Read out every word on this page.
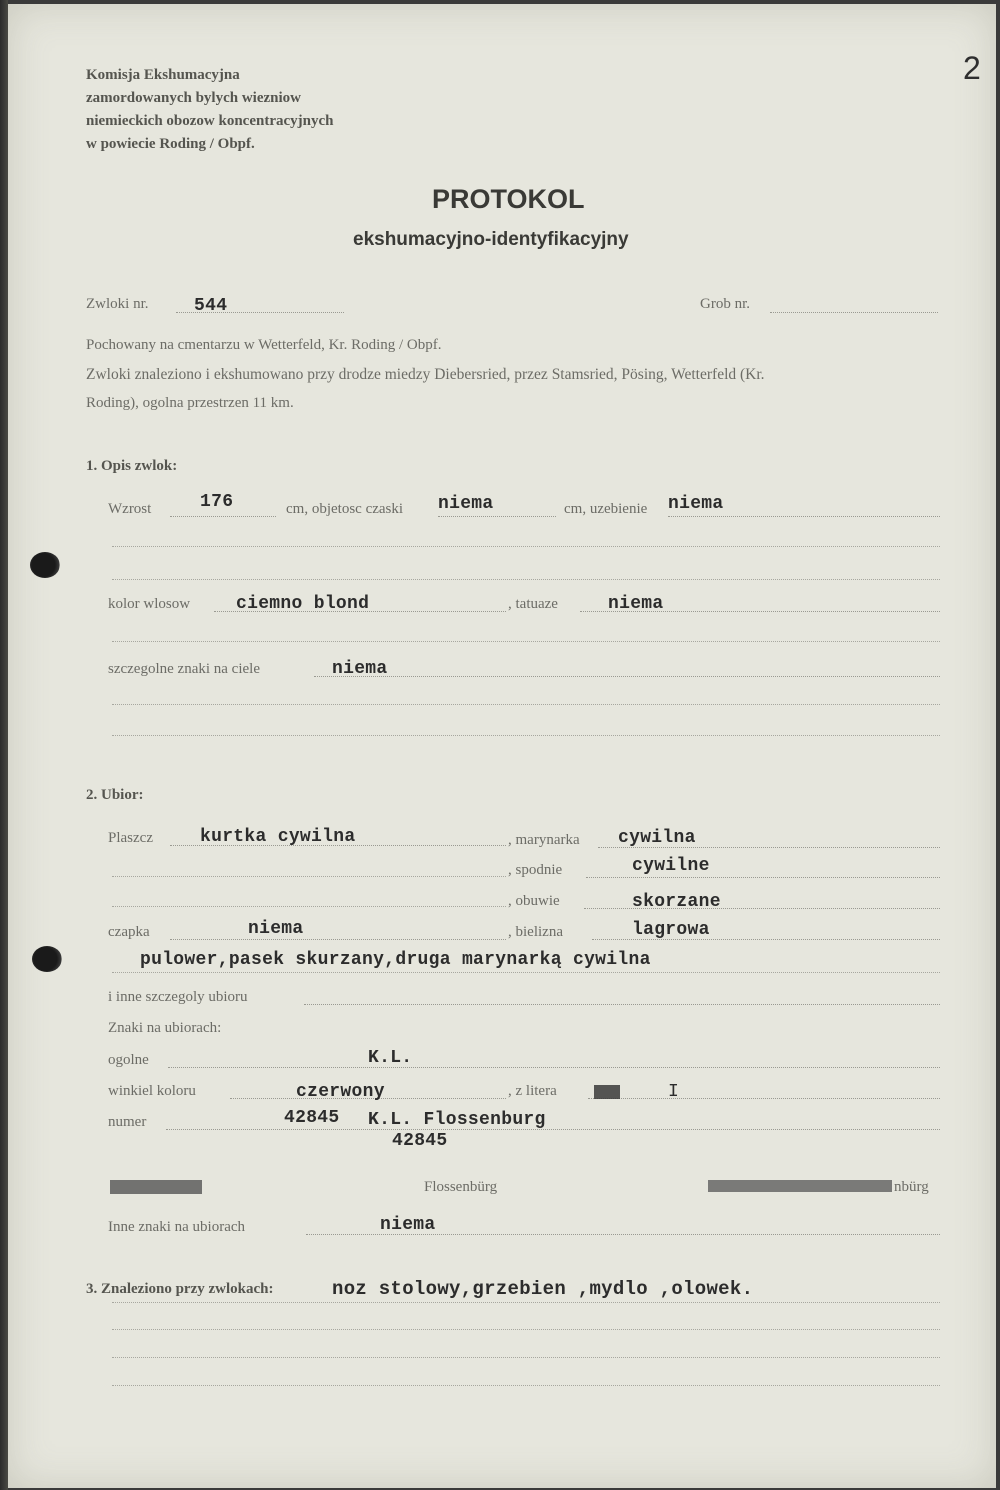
2
Komisja Ekshumacyjna
zamordowanych bylych wiezniow
niemieckich obozow koncentracyjnych
w powiecie Roding / Obpf.
PROTOKOL
ekshumacyjno-identyfikacyjny
Zwloki nr.	544	Grob nr.
Pochowany na cmentarzu w Wetterfeld, Kr. Roding / Obpf.
Zwloki znaleziono i ekshumowano przy drodze miedzy Diebersried, przez Stamsried, Pösing, Wetterfeld (Kr.
Roding), ogolna przestrzen 11 km.
1. Opis zwlok:
Wzrost	176	cm, objetosc czaski niema	cm, uzebienie niema
kolor wlosow	ciemno blond	, tatuaze	niema
szczegolne znaki na ciele	niema
2. Ubior:
Plaszcz	kurtka cywilna	, marynarka cywilna
, spodnie	cywilne
, obuwie	skorzane
czapka	niema	, bielizna	lagrowa
pulower,pasek skurzany,druga marynarką cywilna
i inne szczegoly ubioru
Znaki na ubiorach:
ogolne	K.L.
winkiel koloru	czerwony	, z litera	I
numer	42845 K.L. Flossenburg
42845
Flossenbürg	nbürg
Inne znaki na ubiorach	niema
3. Znaleziono przy zwlokach:	noz stolowy,grzebien ,mydlo ,olowek.
